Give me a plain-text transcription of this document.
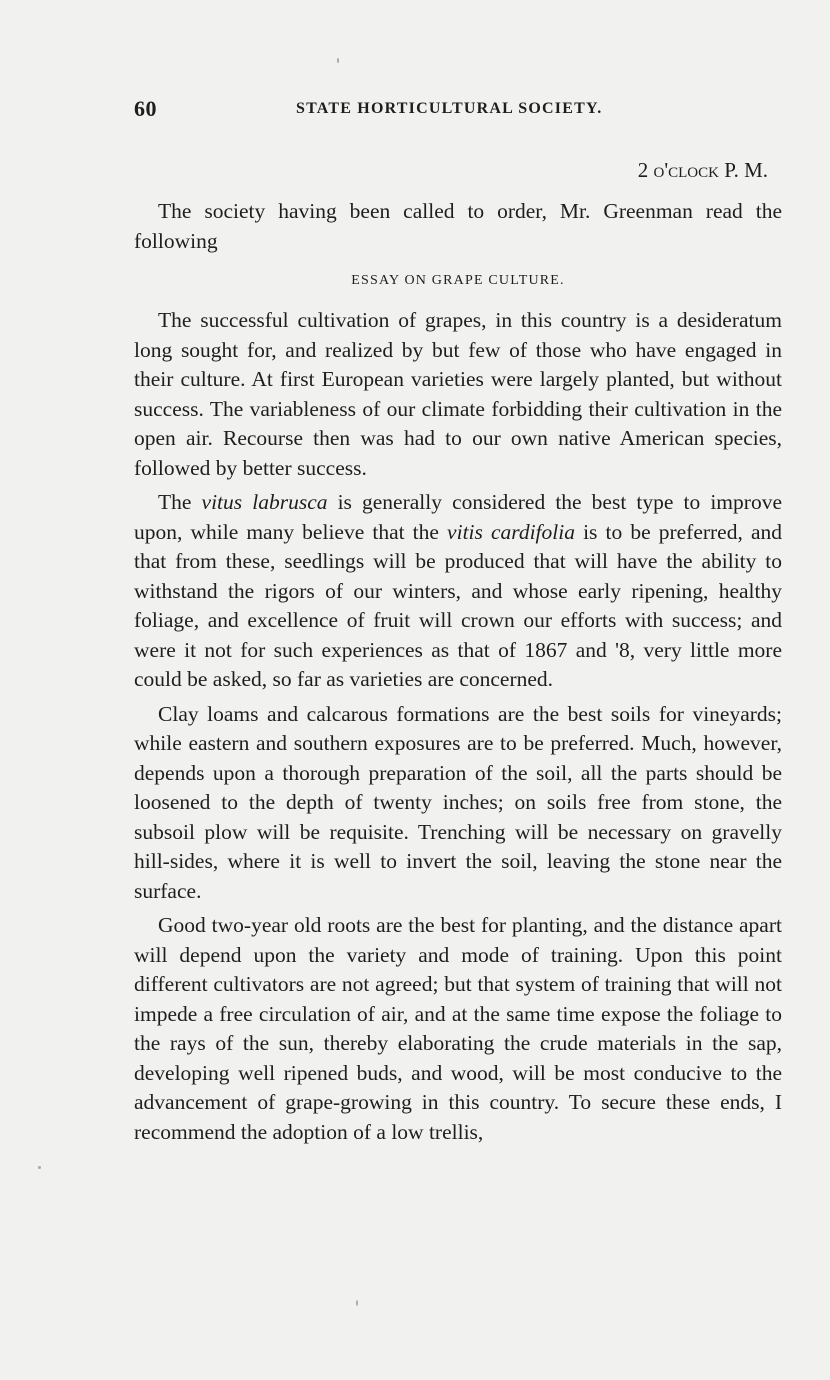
60	STATE HORTICULTURAL SOCIETY.
2 o'clock P. M.

The society having been called to order, Mr. Greenman read the following

ESSAY ON GRAPE CULTURE.

The successful cultivation of grapes, in this country is a desideratum long sought for, and realized by but few of those who have engaged in their culture. At first European varieties were largely planted, but without success. The variableness of our climate forbidding their cultivation in the open air. Recourse then was had to our own native American species, followed by better success.

The vitus labrusca is generally considered the best type to improve upon, while many believe that the vitis cardifolia is to be preferred, and that from these, seedlings will be produced that will have the ability to withstand the rigors of our winters, and whose early ripening, healthy foliage, and excellence of fruit will crown our efforts with success; and were it not for such experiences as that of 1867 and '8, very little more could be asked, so far as varieties are concerned.

Clay loams and calcarous formations are the best soils for vineyards; while eastern and southern exposures are to be preferred. Much, however, depends upon a thorough preparation of the soil, all the parts should be loosened to the depth of twenty inches; on soils free from stone, the subsoil plow will be requisite. Trenching will be necessary on gravelly hill-sides, where it is well to invert the soil, leaving the stone near the surface.

Good two-year old roots are the best for planting, and the distance apart will depend upon the variety and mode of training. Upon this point different cultivators are not agreed; but that system of training that will not impede a free circulation of air, and at the same time expose the foliage to the rays of the sun, thereby elaborating the crude materials in the sap, developing well ripened buds, and wood, will be most conducive to the advancement of grape-growing in this country. To secure these ends, I recommend the adoption of a low trellis,
